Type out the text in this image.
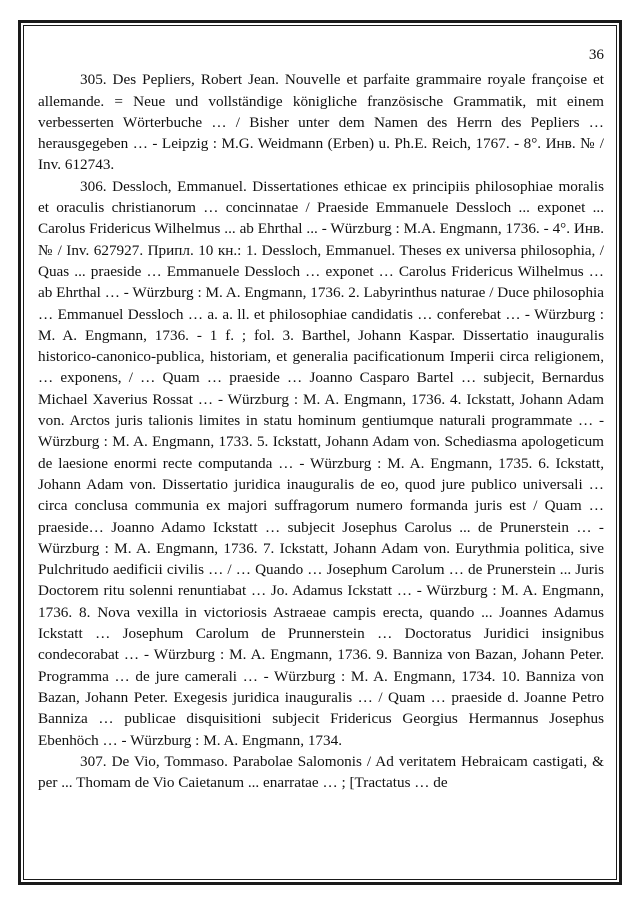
36

305. Des Pepliers, Robert Jean. Nouvelle et parfaite grammaire royale françoise et allemande. = Neue und vollständige königliche französische Grammatik, mit einem verbesserten Wörterbuche … / Bisher unter dem Namen des Herrn des Pepliers … herausgegeben … - Leipzig : M.G. Weidmann (Erben) u. Ph.E. Reich, 1767. - 8°. Инв. № / Inv. 612743.

306. Dessloch, Emmanuel. Dissertationes ethicae ex principiis philosophiae moralis et oraculis christianorum … concinnatae / Praeside Emmanuele Dessloch ... exponet ... Carolus Fridericus Wilhelmus ... ab Ehrthal ... - Würzburg : M.A. Engmann, 1736. - 4°. Инв. № / Inv. 627927. Припл. 10 кн.: 1. Dessloch, Emmanuel. Theses ex universa philosophia, / Quas ... praeside … Emmanuele Dessloch … exponet … Carolus Fridericus Wilhelmus … ab Ehrthal … - Würzburg : M. A. Engmann, 1736. 2. Labyrinthus naturae / Duce philosophia … Emmanuel Dessloch … a. a. ll. et philosophiae candidatis … conferebat … - Würzburg : M. A. Engmann, 1736. - 1 f. ; fol. 3. Barthel, Johann Kaspar. Dissertatio inauguralis historico-canonico-publica, historiam, et generalia pacificationum Imperii circa religionem, … exponens, / … Quam … praeside … Joanno Casparo Bartel … subjecit, Bernardus Michael Xaverius Rossat … - Würzburg : M. A. Engmann, 1736. 4. Ickstatt, Johann Adam von. Arctos juris talionis limites in statu hominum gentiumque naturali programmate … - Würzburg : M. A. Engmann, 1733. 5. Ickstatt, Johann Adam von. Schediasma apologeticum de laesione enormi recte computanda … - Würzburg : M. A. Engmann, 1735. 6. Ickstatt, Johann Adam von. Dissertatio juridica inauguralis de eo, quod jure publico universali … circa conclusa communia ex majori suffragorum numero formanda juris est / Quam … praeside… Joanno Adamo Ickstatt … subjecit Josephus Carolus ... de Prunerstein … - Würzburg : M. A. Engmann, 1736. 7. Ickstatt, Johann Adam von. Eurythmia politica, sive Pulchritudo aedificii civilis … / … Quando … Josephum Carolum … de Prunerstein ... Juris Doctorem ritu solenni renuntiabat … Jo. Adamus Ickstatt … - Würzburg : M. A. Engmann, 1736. 8. Nova vexilla in victoriosis Astraeae campis erecta, quando ... Joannes Adamus Ickstatt … Josephum Carolum de Prunnerstein … Doctoratus Juridici insignibus condecorabat … - Würzburg : M. A. Engmann, 1736. 9. Banniza von Bazan, Johann Peter. Programma … de jure camerali … - Würzburg : M. A. Engmann, 1734. 10. Banniza von Bazan, Johann Peter. Exegesis juridica inauguralis … / Quam … praeside d. Joanne Petro Banniza … publicae disquisitioni subjecit Fridericus Georgius Hermannus Josephus Ebenhöch … - Würzburg : M. A. Engmann, 1734.

307. De Vio, Tommaso. Parabolae Salomonis / Ad veritatem Hebraicam castigati, & per ... Thomam de Vio Caietanum ... enarratae … ; [Tractatus … de
